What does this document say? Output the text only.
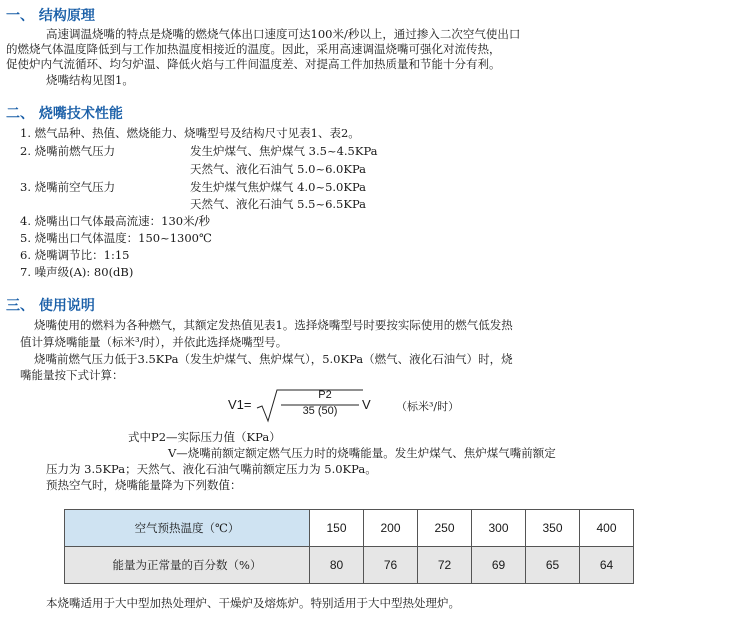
一、 结构原理
高速调温烧嘴的特点是烧嘴的燃烧气体出口速度可达100米/秒以上，通过掺入二次空气使出口
的燃烧气体温度降低到与工作加热温度相接近的温度。因此，采用高速调温烧嘴可强化对流传热，
促使炉内气流循环、均匀炉温、降低火焰与工件间温度差、对提高工件加热质量和节能十分有利。
烧嘴结构见图1。
二、 烧嘴技术性能
1. 燃气品种、热值、燃烧能力、烧嘴型号及结构尺寸见表1、表2。
2. 烧嘴前燃气压力	发生炉煤气、焦炉煤气 3.5~4.5KPa
天然气、液化石油气 5.0~6.0KPa
3. 烧嘴前空气压力	发生炉煤气焦炉煤气 4.0~5.0KPa
天然气、液化石油气 5.5~6.5KPa
4. 烧嘴出口气体最高流速：130米/秒
5. 烧嘴出口气体温度：150~1300℃
6. 烧嘴调节比：1:15
7. 噪声级(A): 80(dB)
三、 使用说明
烧嘴使用的燃料为各种燃气，其额定发热值见表1。选择烧嘴型号时要按实际使用的燃气低发热
值计算烧嘴能量（标米³/时），并依此选择烧嘴型号。
烧嘴前燃气压力低于3.5KPa（发生炉煤气、焦炉煤气），5.0KPa（燃气、液化石油气）时，烧
嘴能量按下式计算：
V1=
P2
35 (50)	V （标米³/时）
式中P2—实际压力值（KPa）
V—烧嘴前额定额定燃气压力时的烧嘴能量。发生炉煤气、焦炉煤气嘴前额定
压力为 3.5KPa；天然气、液化石油气嘴前额定压力为 5.0KPa。
预热空气时，烧嘴能量降为下列数值：
空气预热温度（℃）	150	200	250	300	350	400
能量为正常量的百分数（%）	80	76	72	69	65	64
本烧嘴适用于大中型加热处理炉、干燥炉及熔炼炉。特别适用于大中型热处理炉。
